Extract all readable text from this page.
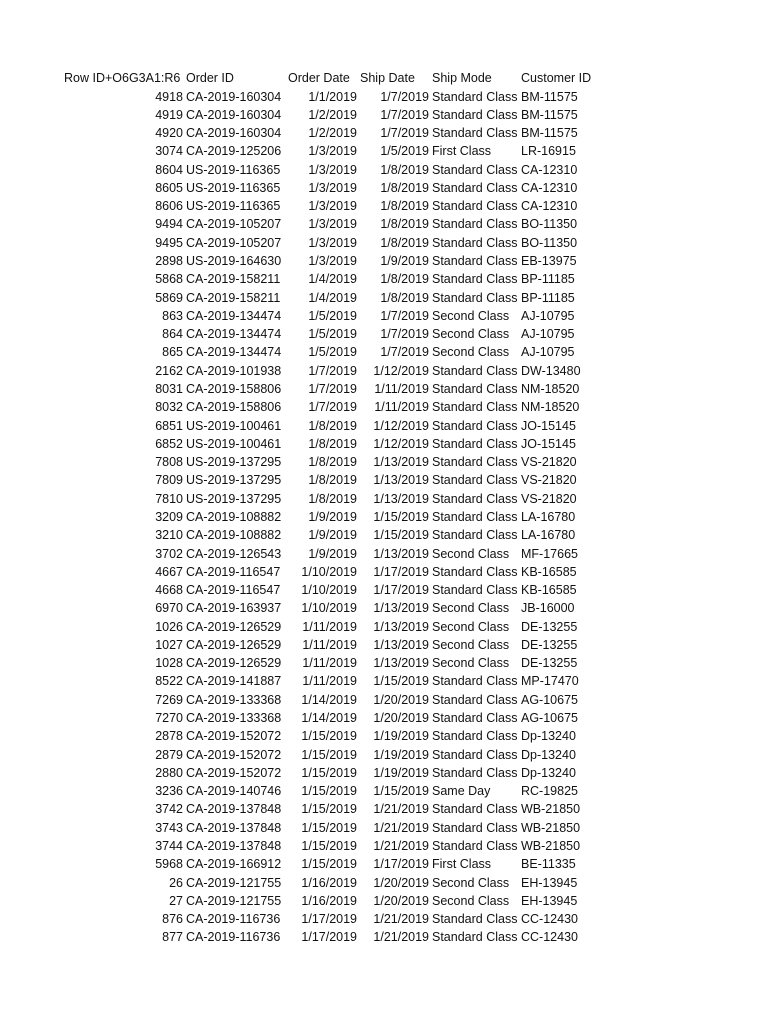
Row ID+O6G3A1:R6 Order ID	Order Date Ship Date Ship Mode Customer ID
4918 CA-2019-160304	1/1/2019	1/7/2019 Standard Class BM-11575
4919 CA-2019-160304	1/2/2019	1/7/2019 Standard Class BM-11575
4920 CA-2019-160304	1/2/2019	1/7/2019 Standard Class BM-11575
3074 CA-2019-125206	1/3/2019	1/5/2019 First Class LR-16915
8604 US-2019-116365	1/3/2019	1/8/2019 Standard Class CA-12310
8605 US-2019-116365	1/3/2019	1/8/2019 Standard Class CA-12310
8606 US-2019-116365	1/3/2019	1/8/2019 Standard Class CA-12310
9494 CA-2019-105207	1/3/2019	1/8/2019 Standard Class BO-11350
9495 CA-2019-105207	1/3/2019	1/8/2019 Standard Class BO-11350
2898 US-2019-164630	1/3/2019	1/9/2019 Standard Class EB-13975
5868 CA-2019-158211	1/4/2019	1/8/2019 Standard Class BP-11185
5869 CA-2019-158211	1/4/2019	1/8/2019 Standard Class BP-11185
863 CA-2019-134474	1/5/2019	1/7/2019 Second Class AJ-10795
864 CA-2019-134474	1/5/2019	1/7/2019 Second Class AJ-10795
865 CA-2019-134474	1/5/2019	1/7/2019 Second Class AJ-10795
2162 CA-2019-101938	1/7/2019	1/12/2019 Standard Class DW-13480
8031 CA-2019-158806	1/7/2019	1/11/2019 Standard Class NM-18520
8032 CA-2019-158806	1/7/2019	1/11/2019 Standard Class NM-18520
6851 US-2019-100461	1/8/2019	1/12/2019 Standard Class JO-15145
6852 US-2019-100461	1/8/2019	1/12/2019 Standard Class JO-15145
7808 US-2019-137295	1/8/2019	1/13/2019 Standard Class VS-21820
7809 US-2019-137295	1/8/2019	1/13/2019 Standard Class VS-21820
7810 US-2019-137295	1/8/2019	1/13/2019 Standard Class VS-21820
3209 CA-2019-108882	1/9/2019	1/15/2019 Standard Class LA-16780
3210 CA-2019-108882	1/9/2019	1/15/2019 Standard Class LA-16780
3702 CA-2019-126543	1/9/2019	1/13/2019 Second Class MF-17665
4667 CA-2019-116547	1/10/2019	1/17/2019 Standard Class KB-16585
4668 CA-2019-116547	1/10/2019	1/17/2019 Standard Class KB-16585
6970 CA-2019-163937	1/10/2019	1/13/2019 Second Class JB-16000
1026 CA-2019-126529	1/11/2019	1/13/2019 Second Class DE-13255
1027 CA-2019-126529	1/11/2019	1/13/2019 Second Class DE-13255
1028 CA-2019-126529	1/11/2019	1/13/2019 Second Class DE-13255
8522 CA-2019-141887	1/11/2019	1/15/2019 Standard Class MP-17470
7269 CA-2019-133368	1/14/2019	1/20/2019 Standard Class AG-10675
7270 CA-2019-133368	1/14/2019	1/20/2019 Standard Class AG-10675
2878 CA-2019-152072	1/15/2019	1/19/2019 Standard Class Dp-13240
2879 CA-2019-152072	1/15/2019	1/19/2019 Standard Class Dp-13240
2880 CA-2019-152072	1/15/2019	1/19/2019 Standard Class Dp-13240
3236 CA-2019-140746	1/15/2019	1/15/2019 Same Day RC-19825
3742 CA-2019-137848	1/15/2019	1/21/2019 Standard Class WB-21850
3743 CA-2019-137848	1/15/2019	1/21/2019 Standard Class WB-21850
3744 CA-2019-137848	1/15/2019	1/21/2019 Standard Class WB-21850
5968 CA-2019-166912	1/15/2019	1/17/2019 First Class BE-11335
26 CA-2019-121755	1/16/2019	1/20/2019 Second Class EH-13945
27 CA-2019-121755	1/16/2019	1/20/2019 Second Class EH-13945
876 CA-2019-116736	1/17/2019	1/21/2019 Standard Class CC-12430
877 CA-2019-116736	1/17/2019	1/21/2019 Standard Class CC-12430
